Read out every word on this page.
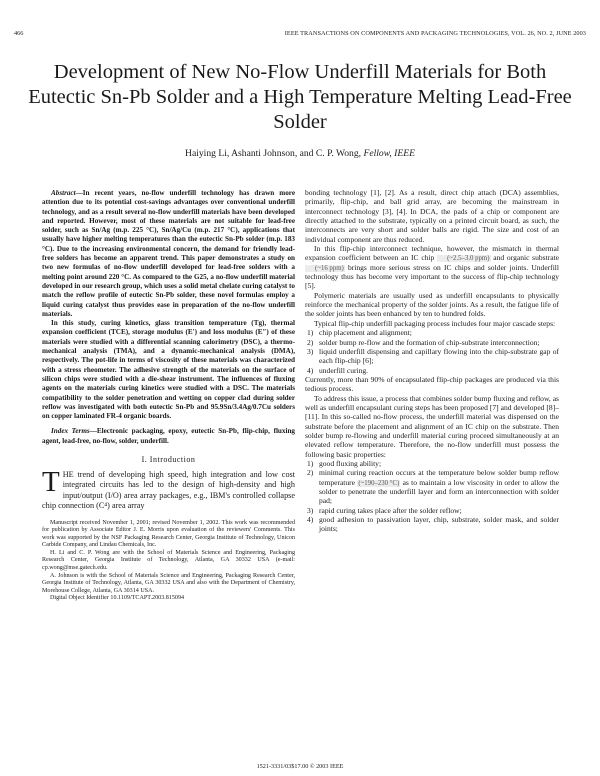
466	IEEE TRANSACTIONS ON COMPONENTS AND PACKAGING TECHNOLOGIES, VOL. 26, NO. 2, JUNE 2003
Development of New No-Flow Underfill Materials for Both Eutectic Sn-Pb Solder and a High Temperature Melting Lead-Free Solder
Haiying Li, Ashanti Johnson, and C. P. Wong, Fellow, IEEE

Abstract—In recent years, no-flow underfill technology has drawn more attention due to its potential cost-savings advantages over conventional underfill technology, and as a result several no-flow underfill materials have been developed and reported. However, most of these materials are not suitable for lead-free solder, such as Sn/Ag (m.p. 225 °C), Sn/Ag/Cu (m.p. 217 °C), applications that usually have higher melting temperatures than the eutectic Sn-Pb solder (m.p. 183 °C). Due to the increasing environmental concern, the demand for friendly lead-free solders has become an apparent trend. This paper demonstrates a study on two new formulas of no-flow underfill developed for lead-free solders with a melting point around 220 °C. As compared to the G25, a no-flow underfill material developed in our research group, which uses a solid metal chelate curing catalyst to match the reflow profile of eutectic Sn-Pb solder, these novel formulas employ a liquid curing catalyst thus provides ease in preparation of the no-flow underfill materials.

In this study, curing kinetics, glass transition temperature (Tg), thermal expansion coefficient (TCE), storage modulus (E′) and loss modulus (E″) of these materials were studied with a differential scanning calorimetry (DSC), a thermo-mechanical analysis (TMA), and a dynamic-mechanical analysis (DMA), respectively. The pot-life in terms of viscosity of these materials was characterized with a stress rheometer. The adhesive strength of the materials on the surface of silicon chips were studied with a die-shear instrument. The influences of fluxing agents on the materials curing kinetics were studied with a DSC. The materials compatibility to the solder penetration and wetting on copper clad during solder reflow was investigated with both eutectic Sn-Pb and 95.9Sn/3.4Ag/0.7Cu solders on copper laminated FR-4 organic boards.

Index Terms—Electronic packaging, epoxy, eutectic Sn-Pb, flip-chip, fluxing agent, lead-free, no-flow, solder, underfill.

I. Introduction

THE trend of developing high speed, high integration and low cost integrated circuits has led to the design of high-density and high input/output (I/O) area array packages, e.g., IBM's controlled collapse chip connection (C⁴) area array

Manuscript received November 1, 2001; revised November 1, 2002. This work was recommended for publication by Associate Editor J. E. Morris upon evaluation of the reviewers' Comments. This work was supported by the NSF Packaging Research Center, Georgia Institute of Technology, Unicon Carbide Company, and Lindau Chemicals, Inc.

H. Li and C. P. Wong are with the School of Materials Science and Engineering, Packaging Research Center, Georgia Institute of Technology, Atlanta, GA 30332 USA (e-mail: cp.wong@mse.gatech.edu.

A. Johnson is with the School of Materials Science and Engineering, Packaging Research Center, Georgia Institute of Technology, Atlanta, GA 30332 USA and also with the Department of Chemistry, Morehouse College, Atlanta, GA 30314 USA.

Digital Object Identifier 10.1109/TCAPT.2003.815094

bonding technology [1], [2]. As a result, direct chip attach (DCA) assemblies, primarily, flip-chip, and ball grid array, are becoming the mainstream in interconnect technology [3], [4]. In DCA, the pads of a chip or component are directly attached to the substrate, typically on a printed circuit board, as such, the interconnects are very short and solder balls are rigid. The size and cost of an individual component are thus reduced.

In this flip-chip interconnect technique, however, the mismatch in thermal expansion coefficient between an IC chip (~2.5–3.0 ppm) and organic substrate (~16 ppm) brings more serious stress on IC chips and solder joints. Underfill technology thus has become very important to the success of flip-chip technology [5].

Polymeric materials are usually used as underfill encapsulants to physically reinforce the mechanical property of the solder joints. As a result, the fatigue life of the solder joints has been enhanced by ten to hundred folds.

Typical flip-chip underfill packaging process includes four major cascade steps:

1) chip placement and alignment;
2) solder bump re-flow and the formation of chip-substrate interconnection;
3) liquid underfill dispensing and capillary flowing into the chip-substrate gap of each flip-chip [6];
4) underfill curing.

Currently, more than 90% of encapsulated flip-chip packages are produced via this tedious process.

To address this issue, a process that combines solder bump fluxing and reflow, as well as underfill encapsulant curing steps has been proposed [7] and developed [8]–[11]. In this so-called no-flow process, the underfill material was dispensed on the substrate before the placement and alignment of an IC chip on the substrate. Then solder bump re-flowing and underfill material curing proceed simultaneously at an elevated reflow temperature. Therefore, the no-flow underfill must possess the following basic properties:

1) good fluxing ability;
2) minimal curing reaction occurs at the temperature below solder bump reflow temperature (~190–230 °C) as to maintain a low viscosity in order to allow the solder to penetrate the underfill layer and form an interconnection with solder pad;
3) rapid curing takes place after the solder reflow;
4) good adhesion to passivation layer, chip, substrate, solder mask, and solder joints;
1521-3331/03$17.00 © 2003 IEEE
